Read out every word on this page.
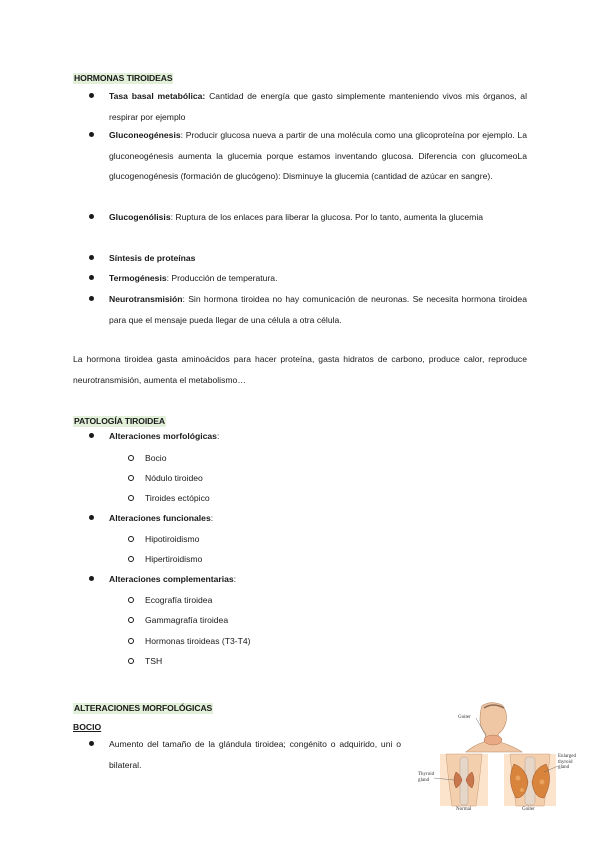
HORMONAS TIROIDEAS
Tasa basal metabólica: Cantidad de energía que gasto simplemente manteniendo vivos mis órganos, al respirar por ejemplo
Gluconeogénesis: Producir glucosa nueva a partir de una molécula como una glicoproteína por ejemplo. La gluconeogénesis aumenta la glucemia porque estamos inventando glucosa. Diferencia con glucomeoLa glucogenogénesis (formación de glucógeno): Disminuye la glucemia (cantidad de azúcar en sangre).
Glucogenólisis: Ruptura de los enlaces para liberar la glucosa. Por lo tanto, aumenta la glucemia
Síntesis de proteínas
Termogénesis: Producción de temperatura.
Neurotransmisión: Sin hormona tiroidea no hay comunicación de neuronas. Se necesita hormona tiroidea para que el mensaje pueda llegar de una célula a otra célula.
La hormona tiroidea gasta aminoácidos para hacer proteína, gasta hidratos de carbono, produce calor, reproduce neurotransmisión, aumenta el metabolismo…
PATOLOGÍA TIROIDEA
Alteraciones morfológicas:
Bocio
Nódulo tiroideo
Tiroides ectópico
Alteraciones funcionales:
Hipotiroidismo
Hipertiroidismo
Alteraciones complementarias:
Ecografía tiroidea
Gammagrafía tiroidea
Hormonas tiroideas (T3-T4)
TSH
ALTERACIONES MORFOLÓGICAS
BOCIO
Aumento del tamaño de la glándula tiroidea; congénito o adquirido, uni o bilateral.
Goiter
Thyroid gland
Enlarged thyroid gland
Normal	Goiter
